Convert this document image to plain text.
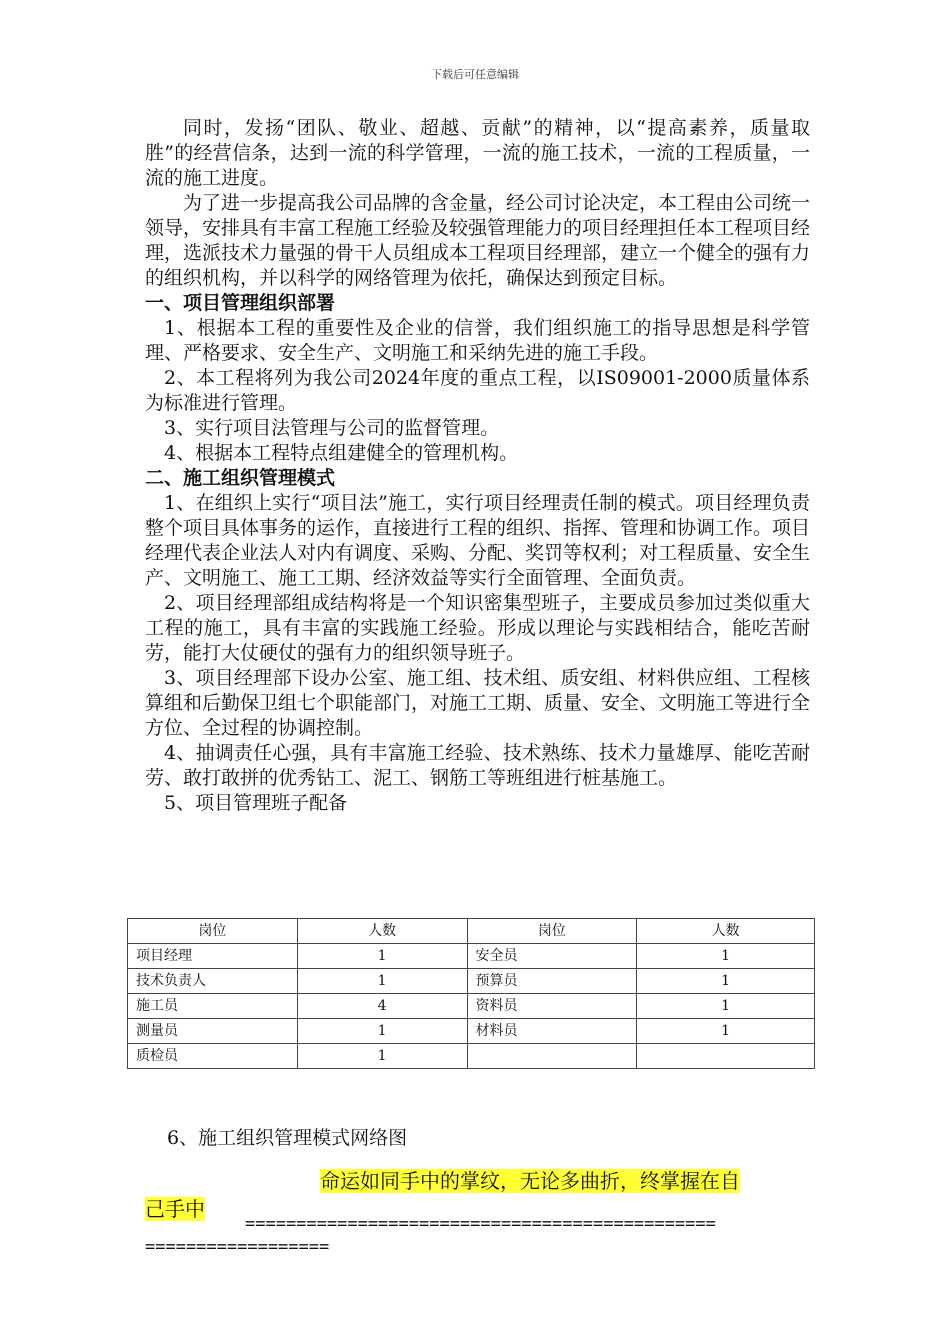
下载后可任意编辑

同时，发扬“团队、敬业、超越、贡献”的精神，以“提高素养，质量取胜”的经营信条，达到一流的科学管理，一流的施工技术，一流的工程质量，一流的施工进度。

为了进一步提高我公司品牌的含金量，经公司讨论决定，本工程由公司统一领导，安排具有丰富工程施工经验及较强管理能力的项目经理担任本工程项目经理，选派技术力量强的骨干人员组成本工程项目经理部，建立一个健全的强有力的组织机构，并以科学的网络管理为依托，确保达到预定目标。

一、项目管理组织部署

1、根据本工程的重要性及企业的信誉，我们组织施工的指导思想是科学管理、严格要求、安全生产、文明施工和采纳先进的施工手段。

2、本工程将列为我公司2024年度的重点工程，以IS09001-2000质量体系为标准进行管理。

3、实行项目法管理与公司的监督管理。

4、根据本工程特点组建健全的管理机构。

二、施工组织管理模式

1、在组织上实行“项目法”施工，实行项目经理责任制的模式。项目经理负责整个项目具体事务的运作，直接进行工程的组织、指挥、管理和协调工作。项目经理代表企业法人对内有调度、采购、分配、奖罚等权利；对工程质量、安全生产、文明施工、施工工期、经济效益等实行全面管理、全面负责。

2、项目经理部组成结构将是一个知识密集型班子，主要成员参加过类似重大工程的施工，具有丰富的实践施工经验。形成以理论与实践相结合，能吃苦耐劳，能打大仗硬仗的强有力的组织领导班子。

3、项目经理部下设办公室、施工组、技术组、质安组、材料供应组、工程核算组和后勤保卫组七个职能部门，对施工工期、质量、安全、文明施工等进行全方位、全过程的协调控制。

4、抽调责任心强，具有丰富施工经验、技术熟练、技术力量雄厚、能吃苦耐劳、敢打敢拼的优秀钻工、泥工、钢筋工等班组进行桩基施工。

5、项目管理班子配备

岗位	人数	岗位	人数
项目经理	1	安全员	1
技术负责人	1	预算员	1
施工员	4	资料员	1
测量员	1	材料员	1
质检员	1		
6、施工组织管理模式网络图
命运如同手中的掌纹，无论多曲折，终掌握在自
己手中
==============================================
==================
